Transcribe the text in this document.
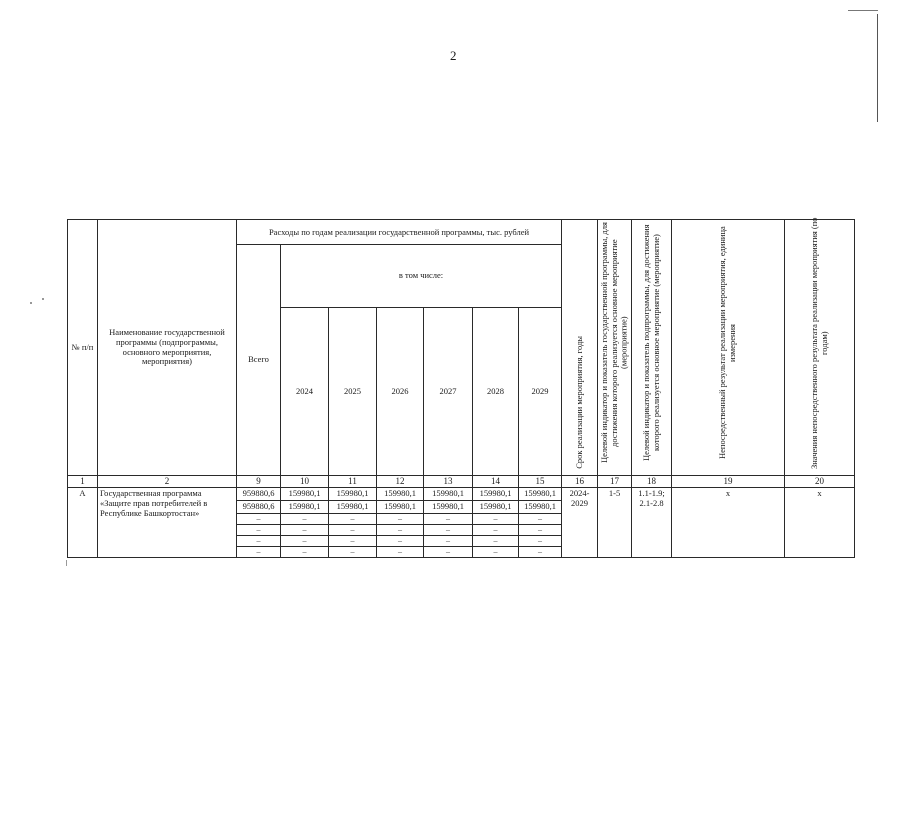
2
№ п/п	Наименование государственной программы (подпрограммы, основного мероприятия, мероприятия)	Расходы по годам реализации государственной программы, тыс. рублей							Срок реализации мероприятия, годы	Целевой индикатор и показатель государственной программы, для достижения которого реализуется основное мероприятие (мероприятие)	Целевой индикатор и показатель подпрограммы, для достижения которого реализуется основное мероприятие (мероприятие)	Непосредственный результат реализации мероприятия, единица измерения	Значения непосредственного результата реализации мероприятия (по годам)
		Всего	в том числе:										
			2024	2025	2026	2027	2028	2029					
1	2	9	10	11	12	13	14	15	16	17	18	19	20
А	Государственная программа «Защите прав потребителей в Республике Башкортостан»	959880,6	159980,1	159980,1	159980,1	159980,1	159980,1	159980,1	2024-2029	1-5	1.1-1.9; 2.1-2.8	х	х
		959880,6	159980,1	159980,1	159980,1	159980,1	159980,1	159980,1					
		–	–	–	–	–	–	–					
		–	–	–	–	–	–	–					
		–	–	–	–	–	–	–					
		–	–	–	–	–	–	–					
